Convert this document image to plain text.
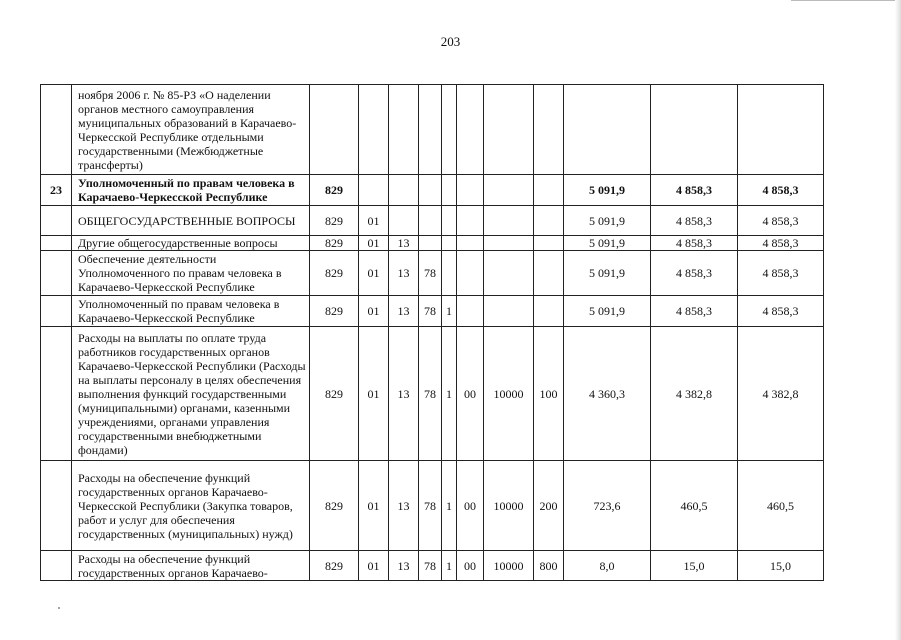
203
	ноября 2006 г. № 85-РЗ «О наделении органов местного самоуправления муниципальных образований в Карачаево-Черкесской Республике отдельными государственными (Межбюджетные трансферты)											
23	Уполномоченный по правам человека в Карачаево-Черкесской Республике	829								5 091,9	4 858,3	4 858,3
	ОБЩЕГОСУДАРСТВЕННЫЕ ВОПРОСЫ	829	01							5 091,9	4 858,3	4 858,3
	Другие общегосударственные вопросы	829	01	13						5 091,9	4 858,3	4 858,3
	Обеспечение деятельности Уполномоченного по правам человека в Карачаево-Черкесской Республике	829	01	13	78					5 091,9	4 858,3	4 858,3
	Уполномоченный по правам человека в Карачаево-Черкесской Республике	829	01	13	78	1				5 091,9	4 858,3	4 858,3
	Расходы на выплаты по оплате труда работников государственных органов Карачаево-Черкесской Республики (Расходы на выплаты персоналу в целях обеспечения выполнения функций государственными (муниципальными) органами, казенными учреждениями, органами управления государственными внебюджетными фондами)	829	01	13	78	1	00	10000	100	4 360,3	4 382,8	4 382,8
	Расходы на обеспечение функций государственных органов Карачаево-Черкесской Республики (Закупка товаров, работ и услуг для обеспечения государственных (муниципальных) нужд)	829	01	13	78	1	00	10000	200	723,6	460,5	460,5
	Расходы на обеспечение функций государственных органов Карачаево-	829	01	13	78	1	00	10000	800	8,0	15,0	15,0
